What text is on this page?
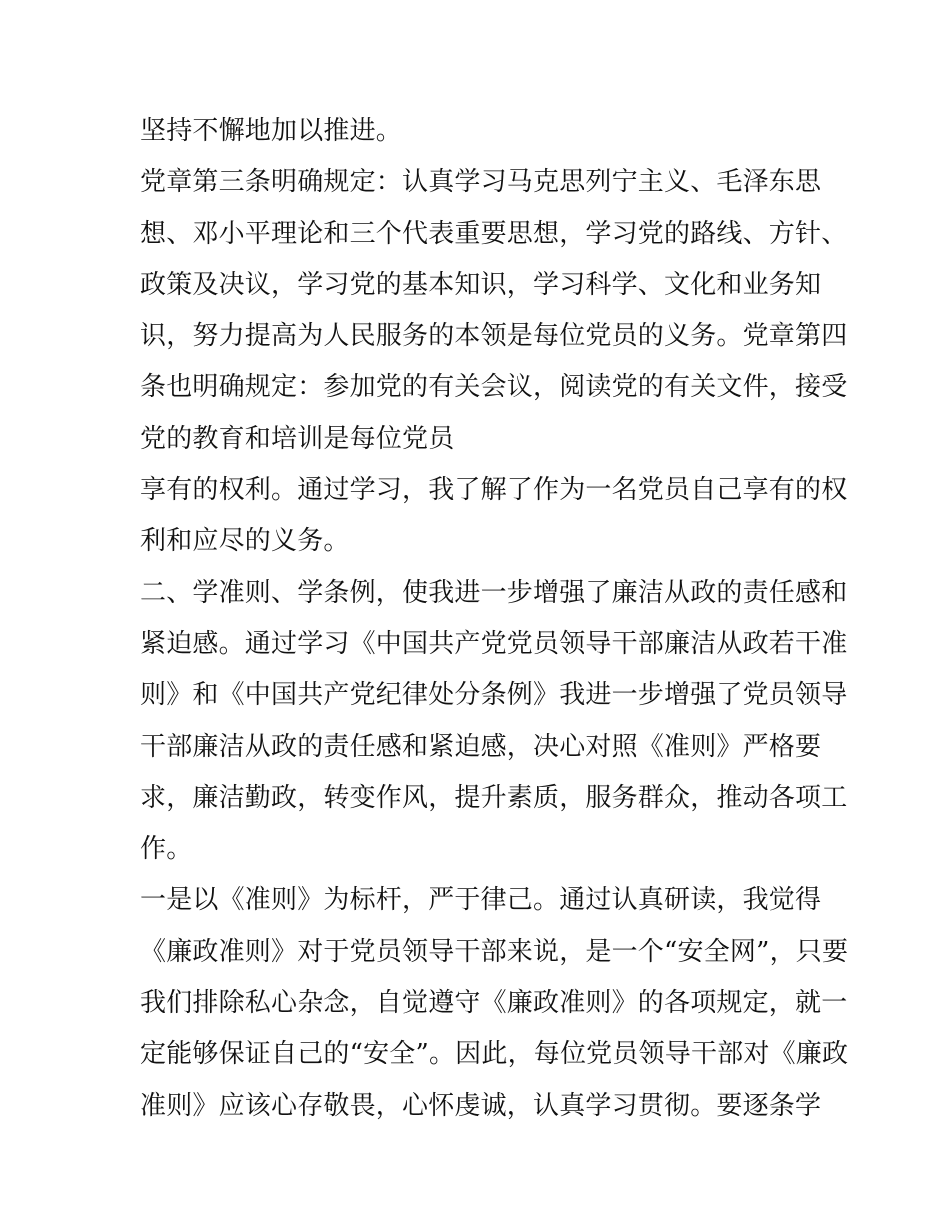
坚持不懈地加以推进。
党章第三条明确规定：认真学习马克思列宁主义、毛泽东思
想、邓小平理论和三个代表重要思想，学习党的路线、方针、
政策及决议，学习党的基本知识，学习科学、文化和业务知
识，努力提高为人民服务的本领是每位党员的义务。党章第四
条也明确规定：参加党的有关会议，阅读党的有关文件，接受
党的教育和培训是每位党员
享有的权利。通过学习，我了解了作为一名党员自己享有的权
利和应尽的义务。
二、学准则、学条例，使我进一步增强了廉洁从政的责任感和
紧迫感。通过学习《中国共产党党员领导干部廉洁从政若干准
则》和《中国共产党纪律处分条例》我进一步增强了党员领导
干部廉洁从政的责任感和紧迫感，决心对照《准则》严格要
求，廉洁勤政，转变作风，提升素质，服务群众，推动各项工
作。
一是以《准则》为标杆，严于律己。通过认真研读，我觉得
《廉政准则》对于党员领导干部来说，是一个“安全网”，只要
我们排除私心杂念，自觉遵守《廉政准则》的各项规定，就一
定能够保证自己的“安全”。因此，每位党员领导干部对《廉政
准则》应该心存敬畏，心怀虔诚，认真学习贯彻。要逐条学
